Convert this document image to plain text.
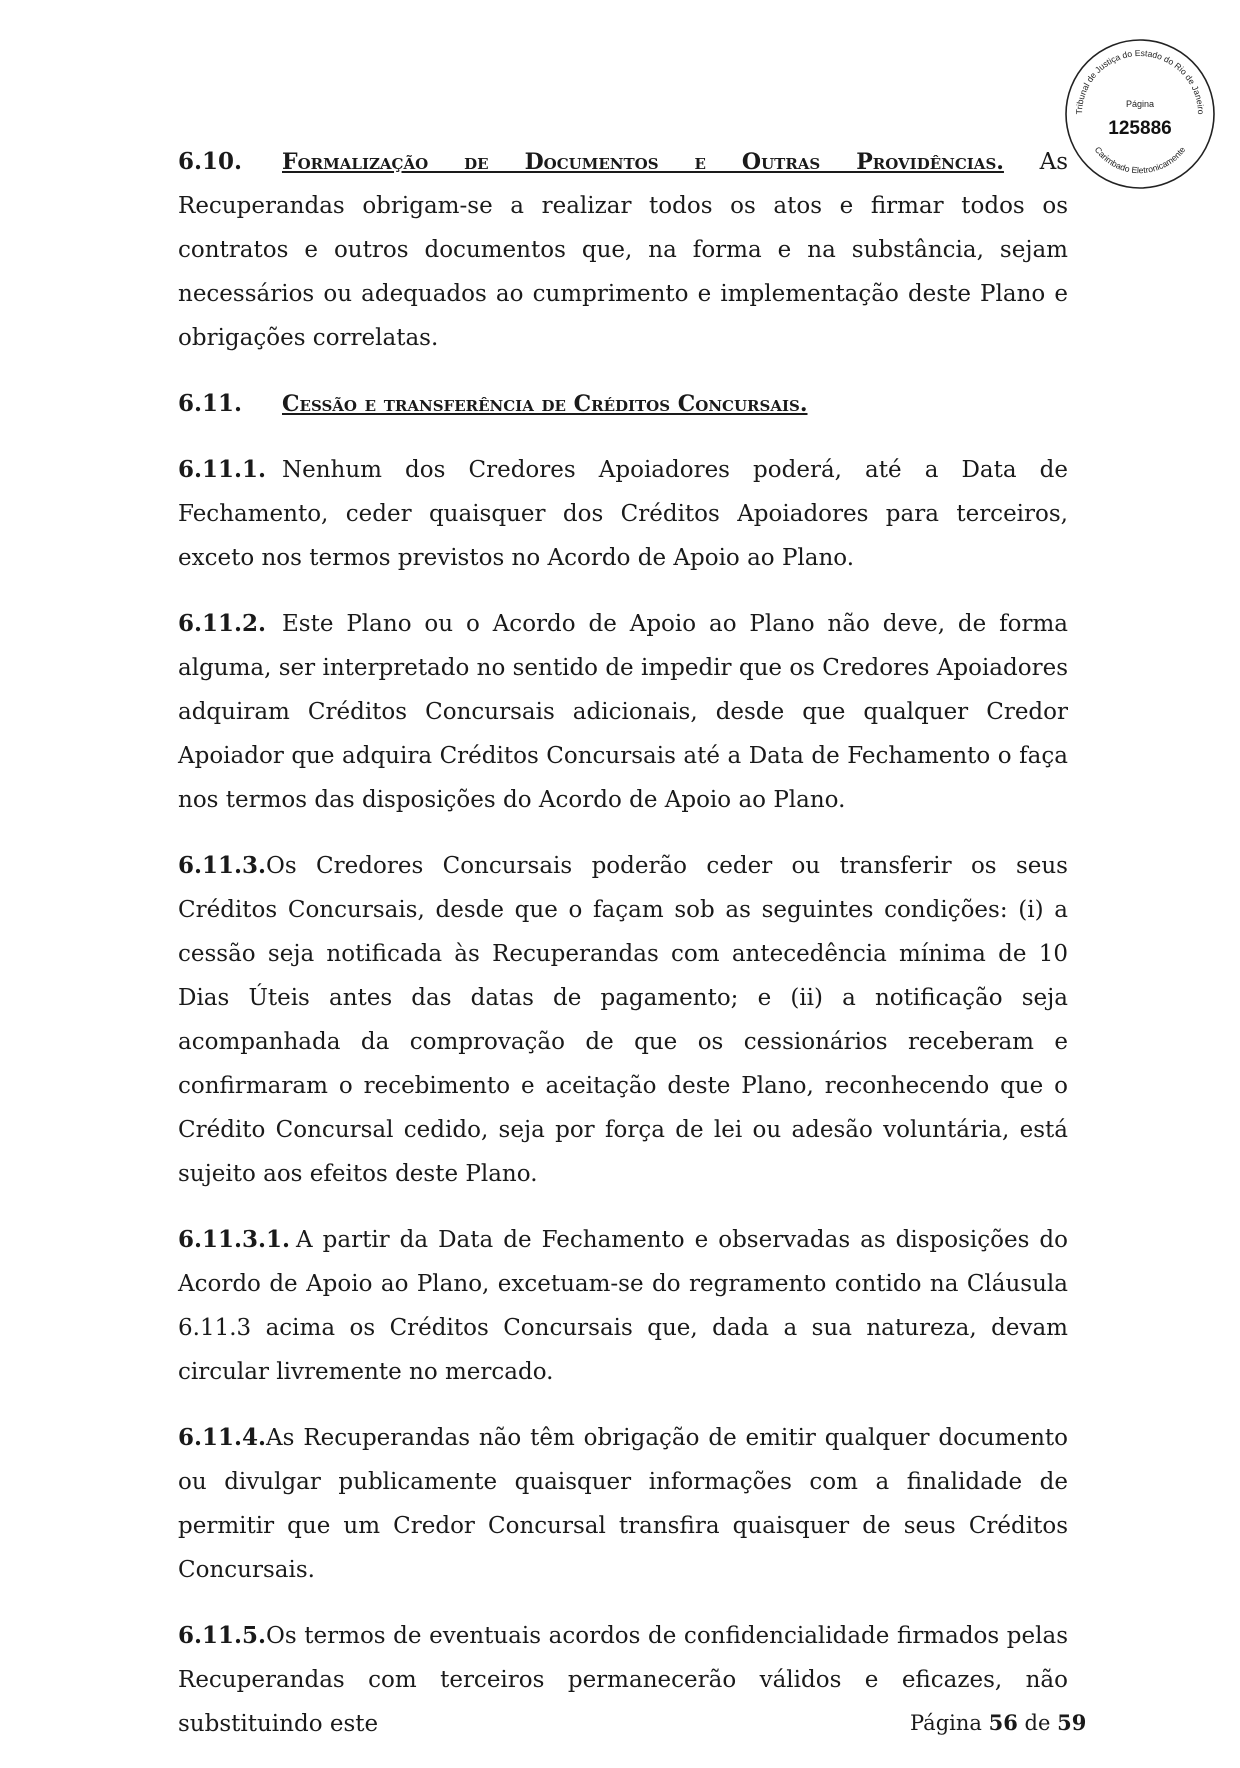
Tribunal de Justiça do Estado do Rio de Janeiro
Carimbado Eletronicamente
Página
125886

6.10. Formalização de Documentos e Outras Providências. As Recuperandas obrigam-se a realizar todos os atos e firmar todos os contratos e outros documentos que, na forma e na substância, sejam necessários ou adequados ao cumprimento e implementação deste Plano e obrigações correlatas.

6.11. Cessão e transferência de Créditos Concursais.

6.11.1. Nenhum dos Credores Apoiadores poderá, até a Data de Fechamento, ceder quaisquer dos Créditos Apoiadores para terceiros, exceto nos termos previstos no Acordo de Apoio ao Plano.

6.11.2. Este Plano ou o Acordo de Apoio ao Plano não deve, de forma alguma, ser interpretado no sentido de impedir que os Credores Apoiadores adquiram Créditos Concursais adicionais, desde que qualquer Credor Apoiador que adquira Créditos Concursais até a Data de Fechamento o faça nos termos das disposições do Acordo de Apoio ao Plano.

6.11.3.Os Credores Concursais poderão ceder ou transferir os seus Créditos Concursais, desde que o façam sob as seguintes condições: (i) a cessão seja notificada às Recuperandas com antecedência mínima de 10 Dias Úteis antes das datas de pagamento; e (ii) a notificação seja acompanhada da comprovação de que os cessionários receberam e confirmaram o recebimento e aceitação deste Plano, reconhecendo que o Crédito Concursal cedido, seja por força de lei ou adesão voluntária, está sujeito aos efeitos deste Plano.

6.11.3.1. A partir da Data de Fechamento e observadas as disposições do Acordo de Apoio ao Plano, excetuam-se do regramento contido na Cláusula 6.11.3 acima os Créditos Concursais que, dada a sua natureza, devam circular livremente no mercado.

6.11.4.As Recuperandas não têm obrigação de emitir qualquer documento ou divulgar publicamente quaisquer informações com a finalidade de permitir que um Credor Concursal transfira quaisquer de seus Créditos Concursais.

6.11.5.Os termos de eventuais acordos de confidencialidade firmados pelas Recuperandas com terceiros permanecerão válidos e eficazes, não substituindo este	Página 56 de 59
